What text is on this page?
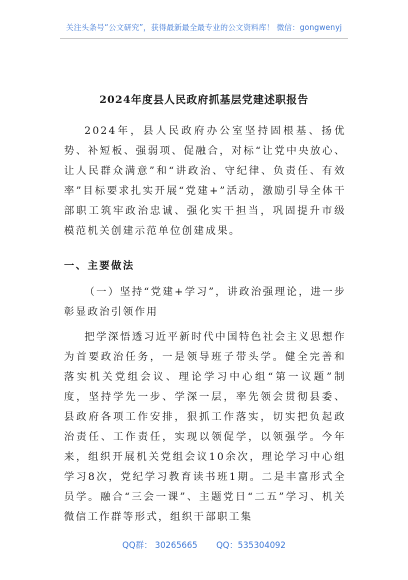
关注头条号“公文研究”，获得最新最全最专业的公文资料库！ 微信：gongwenyj
2024年度县人民政府抓基层党建述职报告

2024年，县人民政府办公室坚持固根基、扬优势、补短板、强弱项、促融合，对标“让党中央放心、让人民群众满意”和“讲政治、守纪律、负责任、有效率”目标要求扎实开展“党建+”活动，激励引导全体干部职工筑牢政治忠诚、强化实干担当，巩固提升市级模范机关创建示范单位创建成果。

一、主要做法

（一）坚持“党建+学习”，讲政治强理论，进一步彰显政治引领作用

把学深悟透习近平新时代中国特色社会主义思想作为首要政治任务，一是领导班子带头学。健全完善和落实机关党组会议、理论学习中心组“第一议题”制度，坚持学先一步、学深一层，率先领会贯彻县委、县政府各项工作安排，狠抓工作落实，切实把负起政治责任、工作责任，实现以领促学，以领强学。今年来，组织开展机关党组会议10余次，理论学习中心组学习8次，党纪学习教育读书班1期。二是丰富形式全员学。融合“三会一课”、主题党日“二五”学习、机关微信工作群等形式，组织干部职工集

QQ群： 30265665 QQ：535304092
